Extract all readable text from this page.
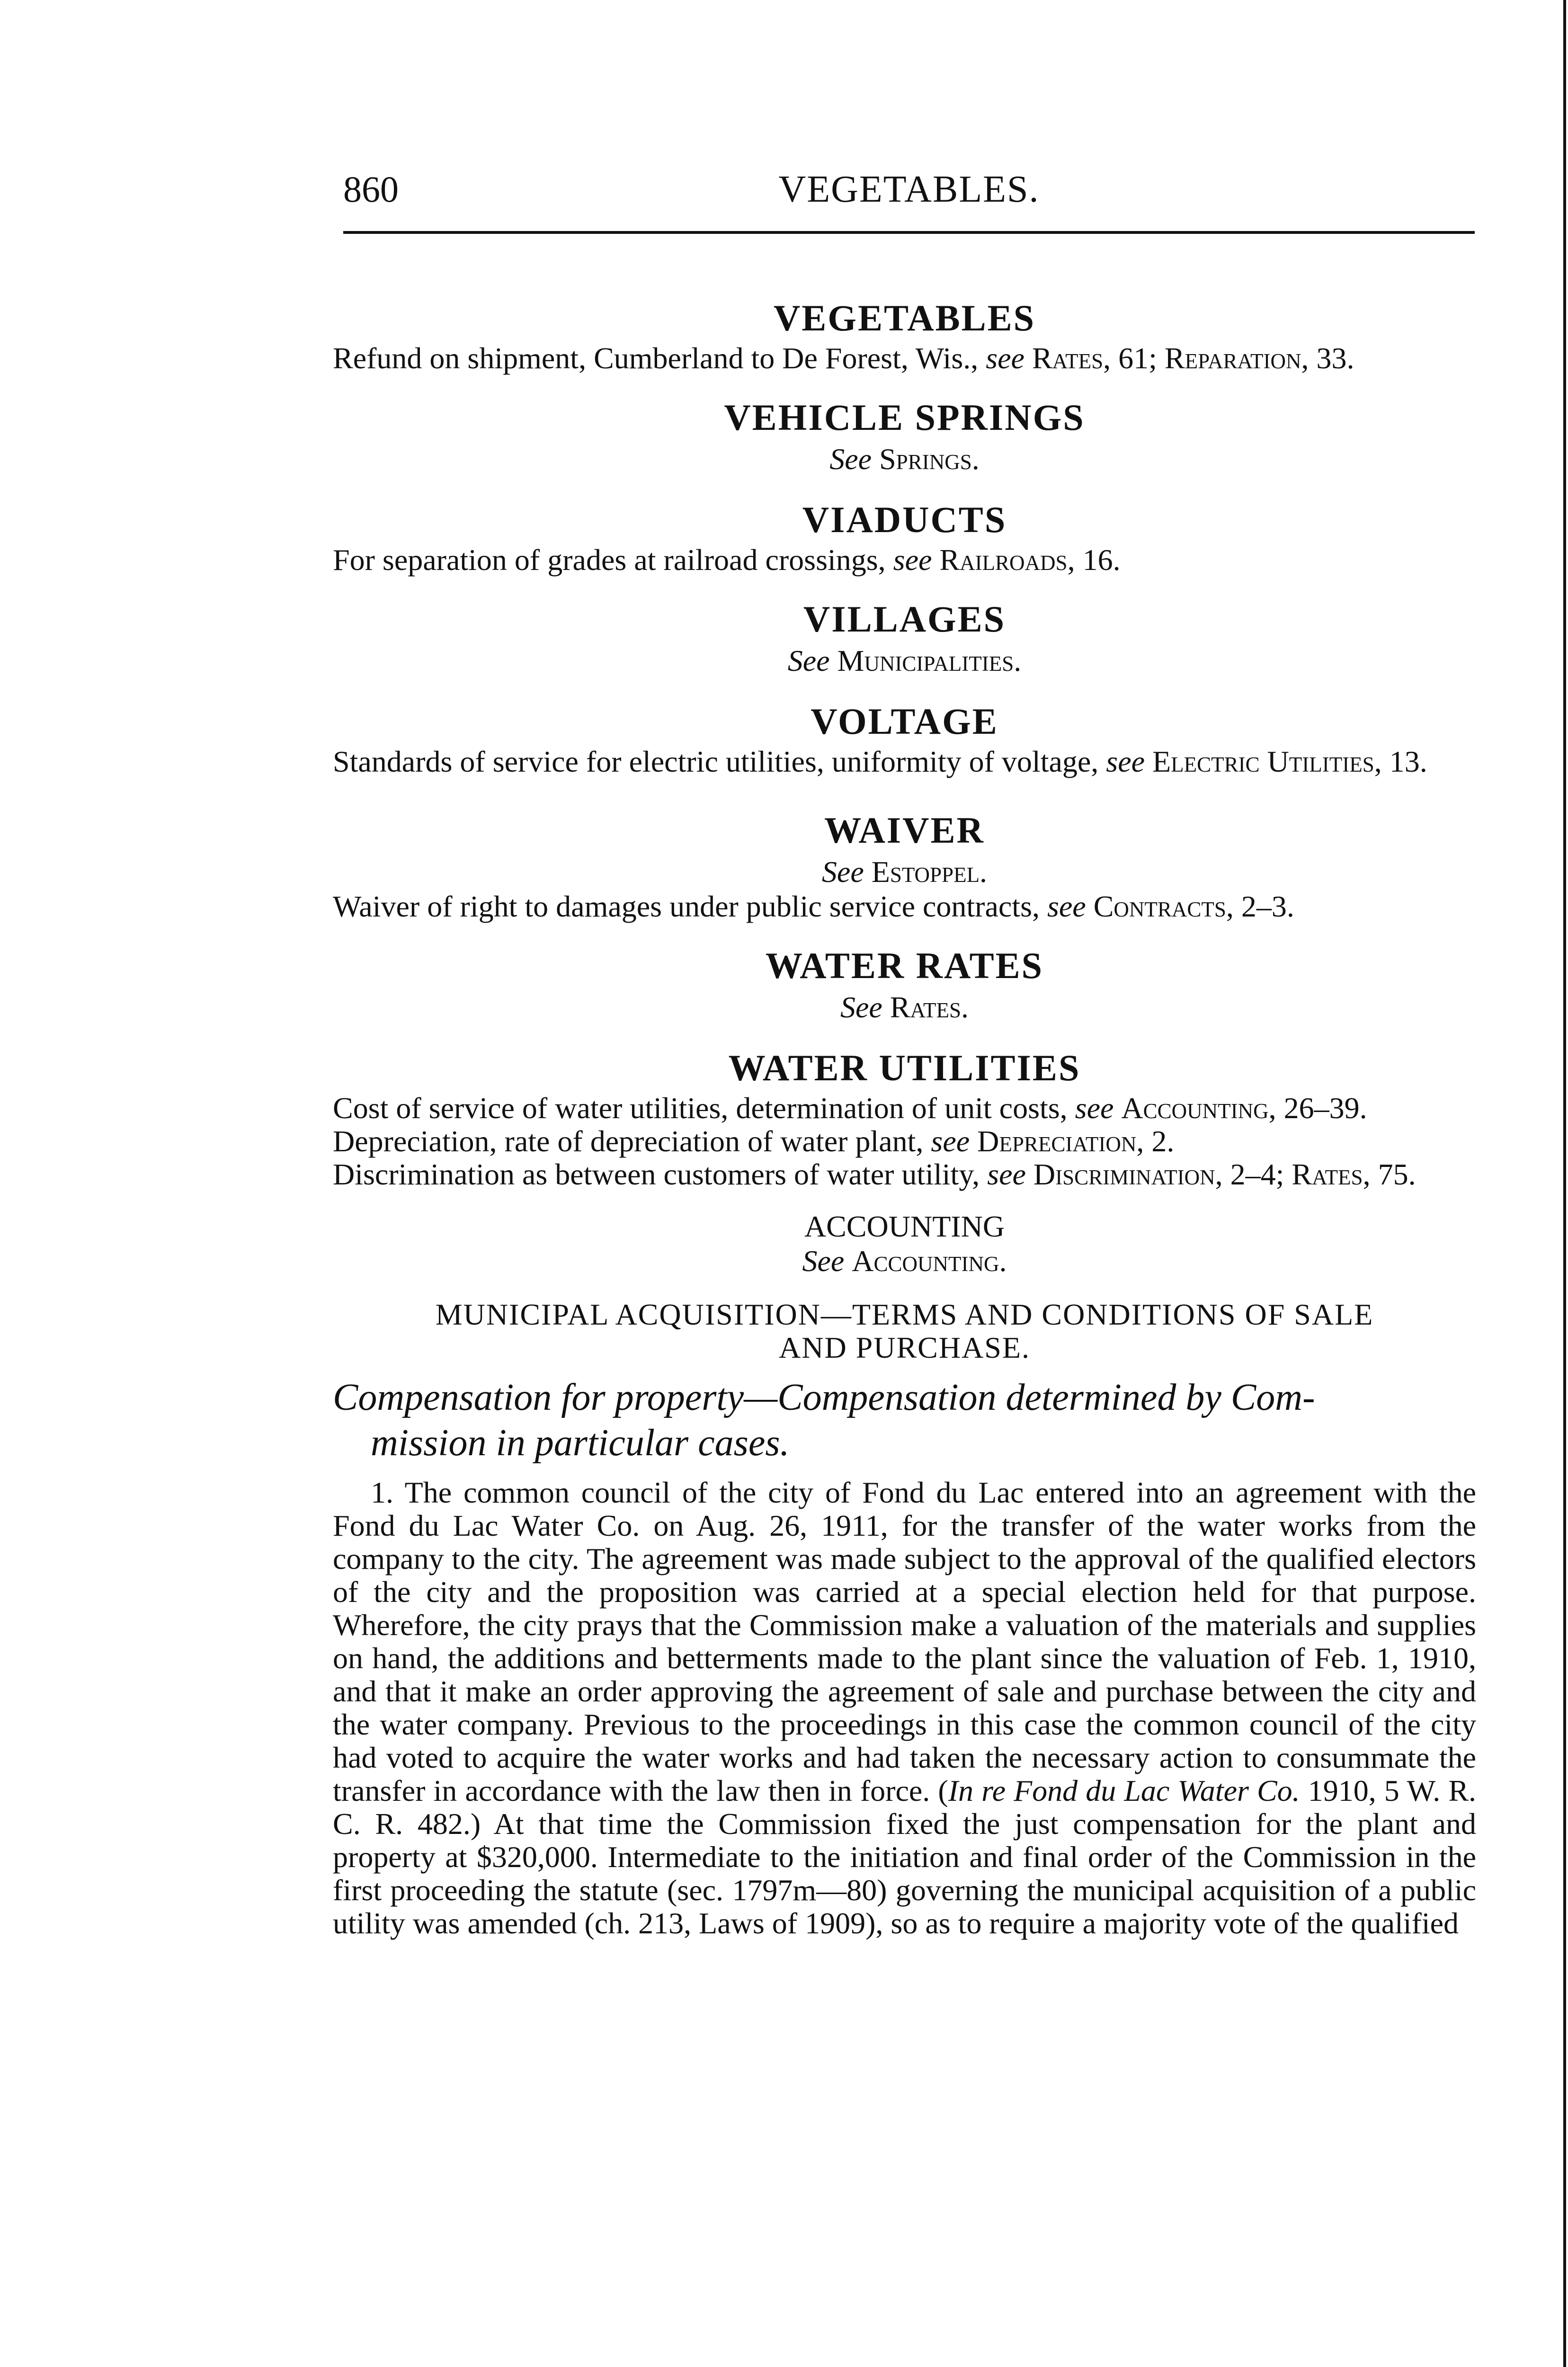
860	VEGETABLES.
VEGETABLES

Refund on shipment, Cumberland to De Forest, Wis., see Rates, 61; Reparation, 33.

VEHICLE SPRINGS

See Springs.

VIADUCTS

For separation of grades at railroad crossings, see Railroads, 16.

VILLAGES

See Municipalities.

VOLTAGE

Standards of service for electric utilities, uniformity of voltage, see Electric Utilities, 13.

WAIVER

See Estoppel.

Waiver of right to damages under public service contracts, see Contracts, 2–3.

WATER RATES

See Rates.

WATER UTILITIES

Cost of service of water utilities, determination of unit costs, see Accounting, 26–39.

Depreciation, rate of depreciation of water plant, see Depreciation, 2.

Discrimination as between customers of water utility, see Discrimination, 2–4; Rates, 75.

ACCOUNTING

See Accounting.

MUNICIPAL ACQUISITION—TERMS AND CONDITIONS OF SALE

AND PURCHASE.

Compensation for property—Compensation determined by Com-
mission in particular cases.

1. The common council of the city of Fond du Lac entered into an agreement with the Fond du Lac Water Co. on Aug. 26, 1911, for the transfer of the water works from the company to the city. The agreement was made subject to the approval of the qualified electors of the city and the proposition was carried at a special election held for that purpose. Wherefore, the city prays that the Commission make a valuation of the materials and supplies on hand, the additions and betterments made to the plant since the valuation of Feb. 1, 1910, and that it make an order approving the agreement of sale and purchase between the city and the water company. Previous to the proceedings in this case the common council of the city had voted to acquire the water works and had taken the necessary action to consummate the transfer in accordance with the law then in force. (In re Fond du Lac Water Co. 1910, 5 W. R. C. R. 482.) At that time the Commission fixed the just compensation for the plant and property at $320,000. Intermediate to the initiation and final order of the Commission in the first proceeding the statute (sec. 1797m—80) governing the municipal acquisition of a public utility was amended (ch. 213, Laws of 1909), so as to require a majority vote of the qualified
